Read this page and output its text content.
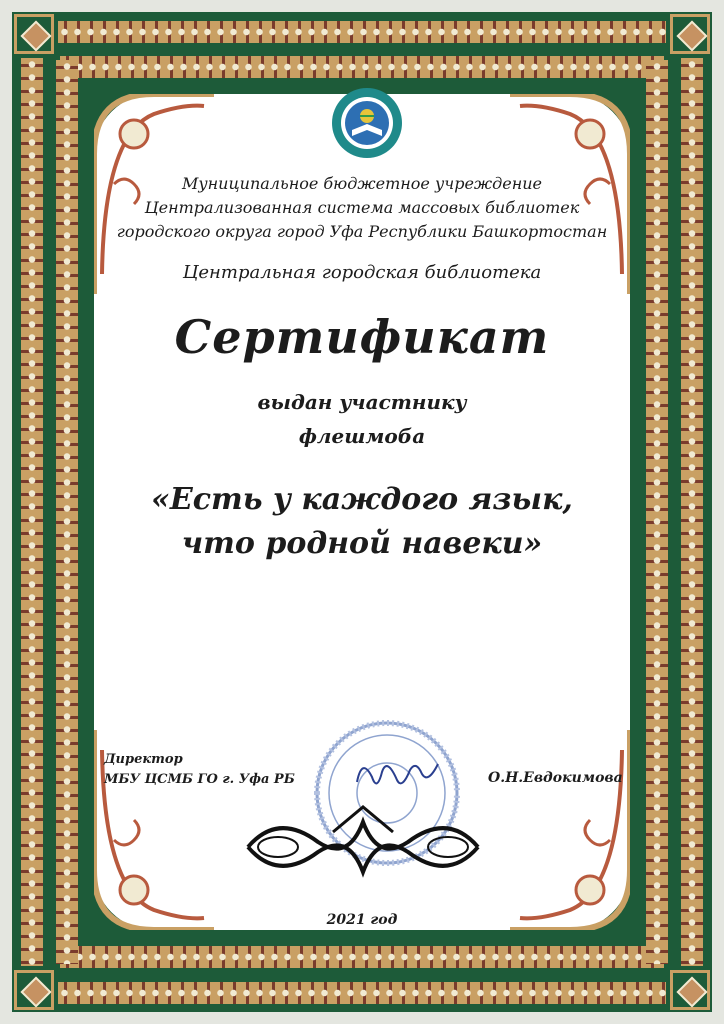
Муниципальное бюджетное учреждение
Централизованная система массовых библиотек
городского округа город Уфа Республики Башкортостан
Центральная городская библиотека
Сертификат
выдан участнику
флешмоба
«Есть у каждого язык,
что родной навеки»
Директор
МБУ ЦСМБ ГО г. Уфа РБ	О.Н.Евдокимова
2021 год
